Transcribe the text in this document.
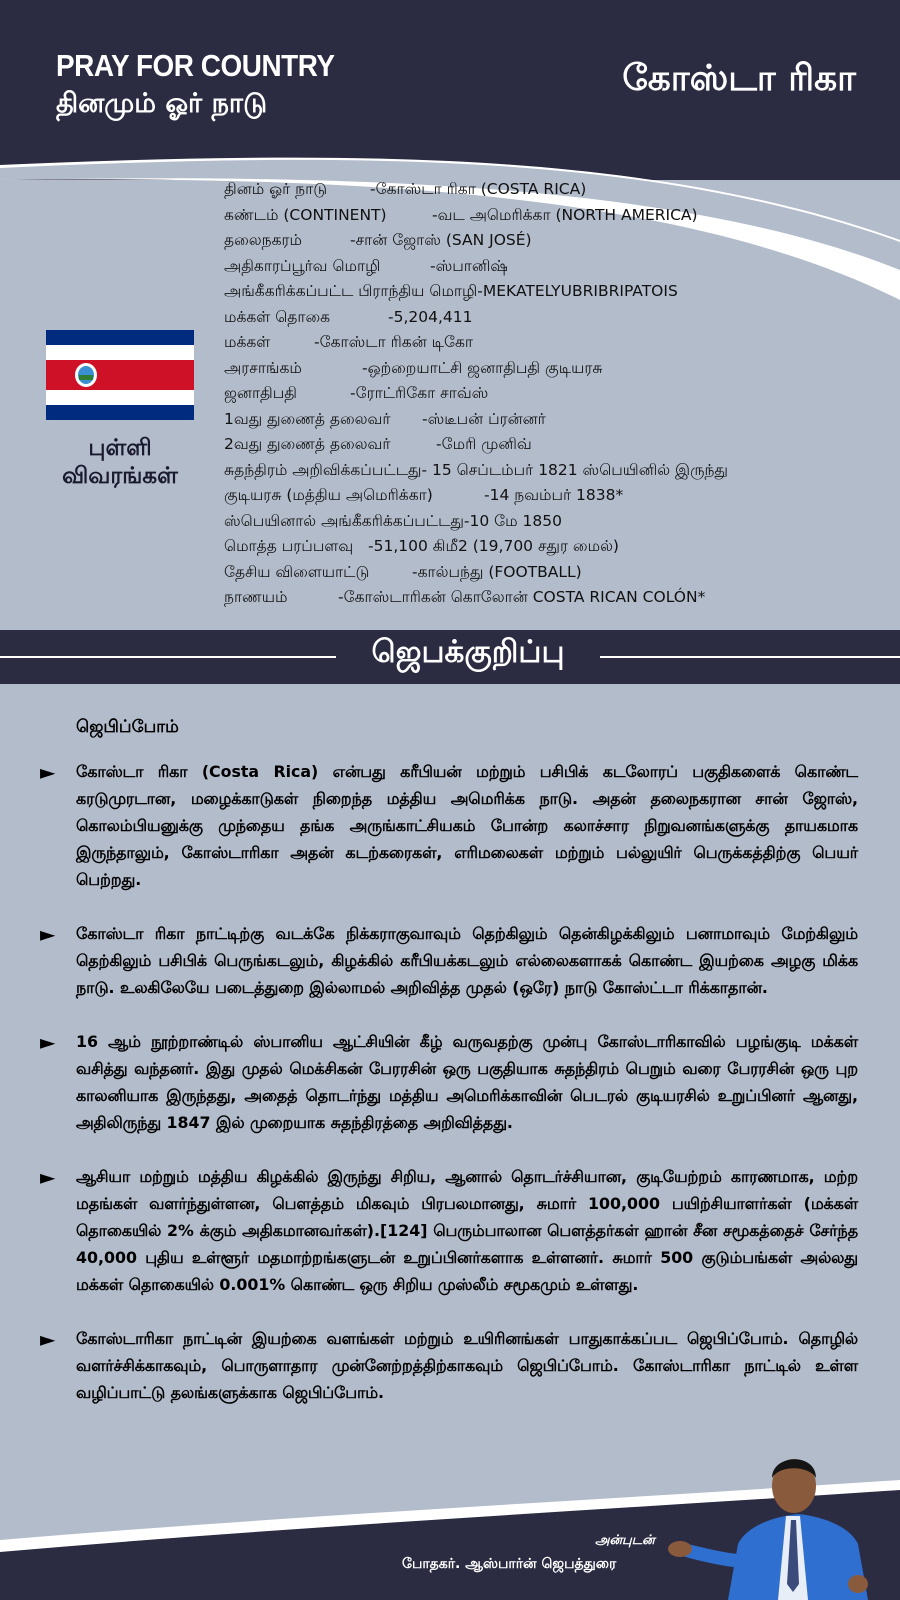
PRAY FOR COUNTRY
தினமும் ஓர் நாடு
கோஸ்டா ரிகா
புள்ளி விவரங்கள்
தினம் ஓர் நாடு	-கோஸ்டா ரிகா (COSTA RICA)
கண்டம் (CONTINENT)	-வட அமெரிக்கா (NORTH AMERICA)
தலைநகரம்	-சான் ஜோஸ் (SAN JOSÉ)
அதிகாரப்பூர்வ மொழி	-ஸ்பானிஷ்
அங்கீகரிக்கப்பட்ட பிராந்திய மொழி -MEKATELYUBRIBRIPATOIS
மக்கள் தொகை	-5,204,411
மக்கள்	-கோஸ்டா ரிகன் டிகோ
அரசாங்கம்	-ஒற்றையாட்சி ஜனாதிபதி குடியரசு
ஜனாதிபதி	-ரோட்ரிகோ சாவ்ஸ்
1வது துணைத் தலைவர்	-ஸ்டீபன் ப்ரன்னர்
2வது துணைத் தலைவர்	-மேரி முனிவ்
சுதந்திரம் அறிவிக்கப்பட்டது - 15 செப்டம்பர் 1821 ஸ்பெயினில் இருந்து
குடியரசு (மத்திய அமெரிக்கா)	-14 நவம்பர் 1838*
ஸ்பெயினால் அங்கீகரிக்கப்பட்டது -10 மே 1850
மொத்த பரப்பளவு -51,100 கிமீ2 (19,700 சதுர மைல்)
தேசிய விளையாட்டு	-கால்பந்து (FOOTBALL)
நாணயம்	-கோஸ்டாரிகன் கொலோன் COSTA RICAN COLÓN*
ஜெபக்குறிப்பு
ஜெபிப்போம்
►	கோஸ்டா ரிகா (Costa Rica) என்பது கரீபியன் மற்றும் பசிபிக் கடலோரப் பகுதிகளைக் கொண்ட கரடுமுரடான, மழைக்காடுகள் நிறைந்த மத்திய அமெரிக்க நாடு. அதன் தலைநகரான சான் ஜோஸ், கொலம்பியனுக்கு முந்தைய தங்க அருங்காட்சியகம் போன்ற கலாச்சார நிறுவனங்களுக்கு தாயகமாக இருந்தாலும், கோஸ்டாரிகா அதன் கடற்கரைகள், எரிமலைகள் மற்றும் பல்லுயிர் பெருக்கத்திற்கு பெயர் பெற்றது.
►	கோஸ்டா ரிகா நாட்டிற்கு வடக்கே நிக்கராகுவாவும் தெற்கிலும் தென்கிழக்கிலும் பனாமாவும் மேற்கிலும் தெற்கிலும் பசிபிக் பெருங்கடலும், கிழக்கில் கரீபியக்கடலும் எல்லைகளாகக் கொண்ட இயற்கை அழகு மிக்க நாடு. உலகிலேயே படைத்துறை இல்லாமல் அறிவித்த முதல் (ஒரே) நாடு கோஸ்ட்டா ரிக்காதான்.
►	16 ஆம் நூற்றாண்டில் ஸ்பானிய ஆட்சியின் கீழ் வருவதற்கு முன்பு கோஸ்டாரிகாவில் பழங்குடி மக்கள் வசித்து வந்தனர். இது முதல் மெக்சிகன் பேரரசின் ஒரு பகுதியாக சுதந்திரம் பெறும் வரை பேரரசின் ஒரு புற காலனியாக இருந்தது, அதைத் தொடர்ந்து மத்திய அமெரிக்காவின் பெடரல் குடியரசில் உறுப்பினர் ஆனது, அதிலிருந்து 1847 இல் முறையாக சுதந்திரத்தை அறிவித்தது.
►	ஆசியா மற்றும் மத்திய கிழக்கில் இருந்து சிறிய, ஆனால் தொடர்ச்சியான, குடியேற்றம் காரணமாக, மற்ற மதங்கள் வளர்ந்துள்ளன, பௌத்தம் மிகவும் பிரபலமானது, சுமார் 100,000 பயிற்சியாளர்கள் (மக்கள் தொகையில் 2% க்கும் அதிகமானவர்கள்).[124] பெரும்பாலான பௌத்தர்கள் ஹான் சீன சமூகத்தைச் சேர்ந்த 40,000 புதிய உள்ளூர் மதமாற்றங்களுடன் உறுப்பினர்களாக உள்ளனர். சுமார் 500 குடும்பங்கள் அல்லது மக்கள் தொகையில் 0.001% கொண்ட ஒரு சிறிய முஸ்லீம் சமூகமும் உள்ளது.
►	கோஸ்டாரிகா நாட்டின் இயற்கை வளங்கள் மற்றும் உயிரினங்கள் பாதுகாக்கப்பட ஜெபிப்போம். தொழில் வளர்ச்சிக்காகவும், பொருளாதார முன்னேற்றத்திற்காகவும் ஜெபிப்போம். கோஸ்டாரிகா நாட்டில் உள்ள வழிப்பாட்டு தலங்களுக்காக ஜெபிப்போம்.
அன்புடன்
போதகர். ஆஸ்பார்ன் ஜெபத்துரை
